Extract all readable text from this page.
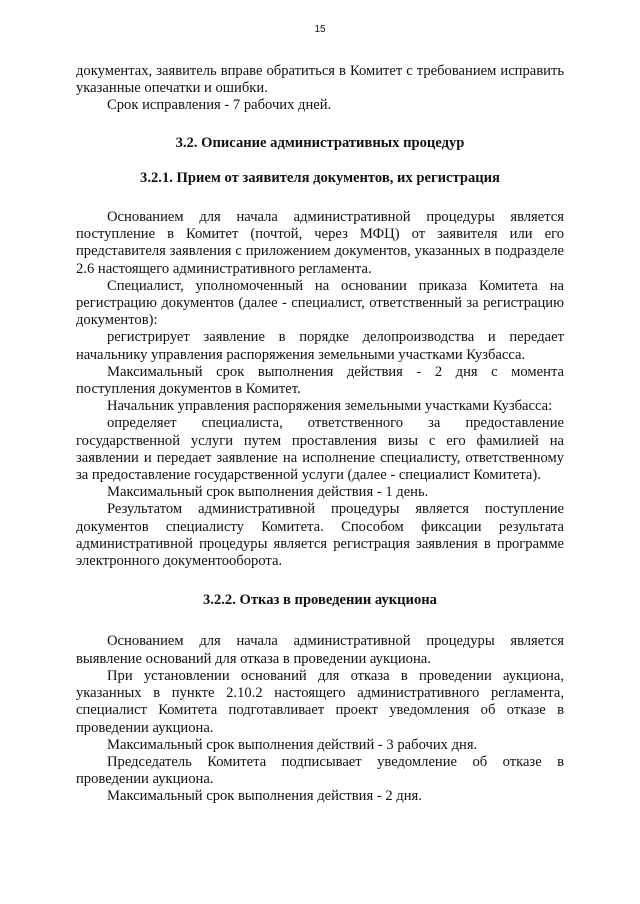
15

документах, заявитель вправе обратиться в Комитет с требованием исправить указанные опечатки и ошибки.

Срок исправления - 7 рабочих дней.

3.2. Описание административных процедур

3.2.1. Прием от заявителя документов, их регистрация

Основанием для начала административной процедуры является поступление в Комитет (почтой, через МФЦ) от заявителя или его представителя заявления с приложением документов, указанных в подразделе 2.6 настоящего административного регламента.

Специалист, уполномоченный на основании приказа Комитета на регистрацию документов (далее - специалист, ответственный за регистрацию документов):

регистрирует заявление в порядке делопроизводства и передает начальнику управления распоряжения земельными участками Кузбасса.

Максимальный срок выполнения действия - 2 дня с момента поступления документов в Комитет.

Начальник управления распоряжения земельными участками Кузбасса:

определяет специалиста, ответственного за предоставление государственной услуги путем проставления визы с его фамилией на заявлении и передает заявление на исполнение специалисту, ответственному за предоставление государственной услуги (далее - специалист Комитета).

Максимальный срок выполнения действия - 1 день.

Результатом административной процедуры является поступление документов специалисту Комитета. Способом фиксации результата административной процедуры является регистрация заявления в программе электронного документооборота.

3.2.2. Отказ в проведении аукциона

Основанием для начала административной процедуры является выявление оснований для отказа в проведении аукциона.

При установлении оснований для отказа в проведении аукциона, указанных в пункте 2.10.2 настоящего административного регламента, специалист Комитета подготавливает проект уведомления об отказе в проведении аукциона.

Максимальный срок выполнения действий - 3 рабочих дня.

Председатель Комитета подписывает уведомление об отказе в проведении аукциона.

Максимальный срок выполнения действия - 2 дня.
